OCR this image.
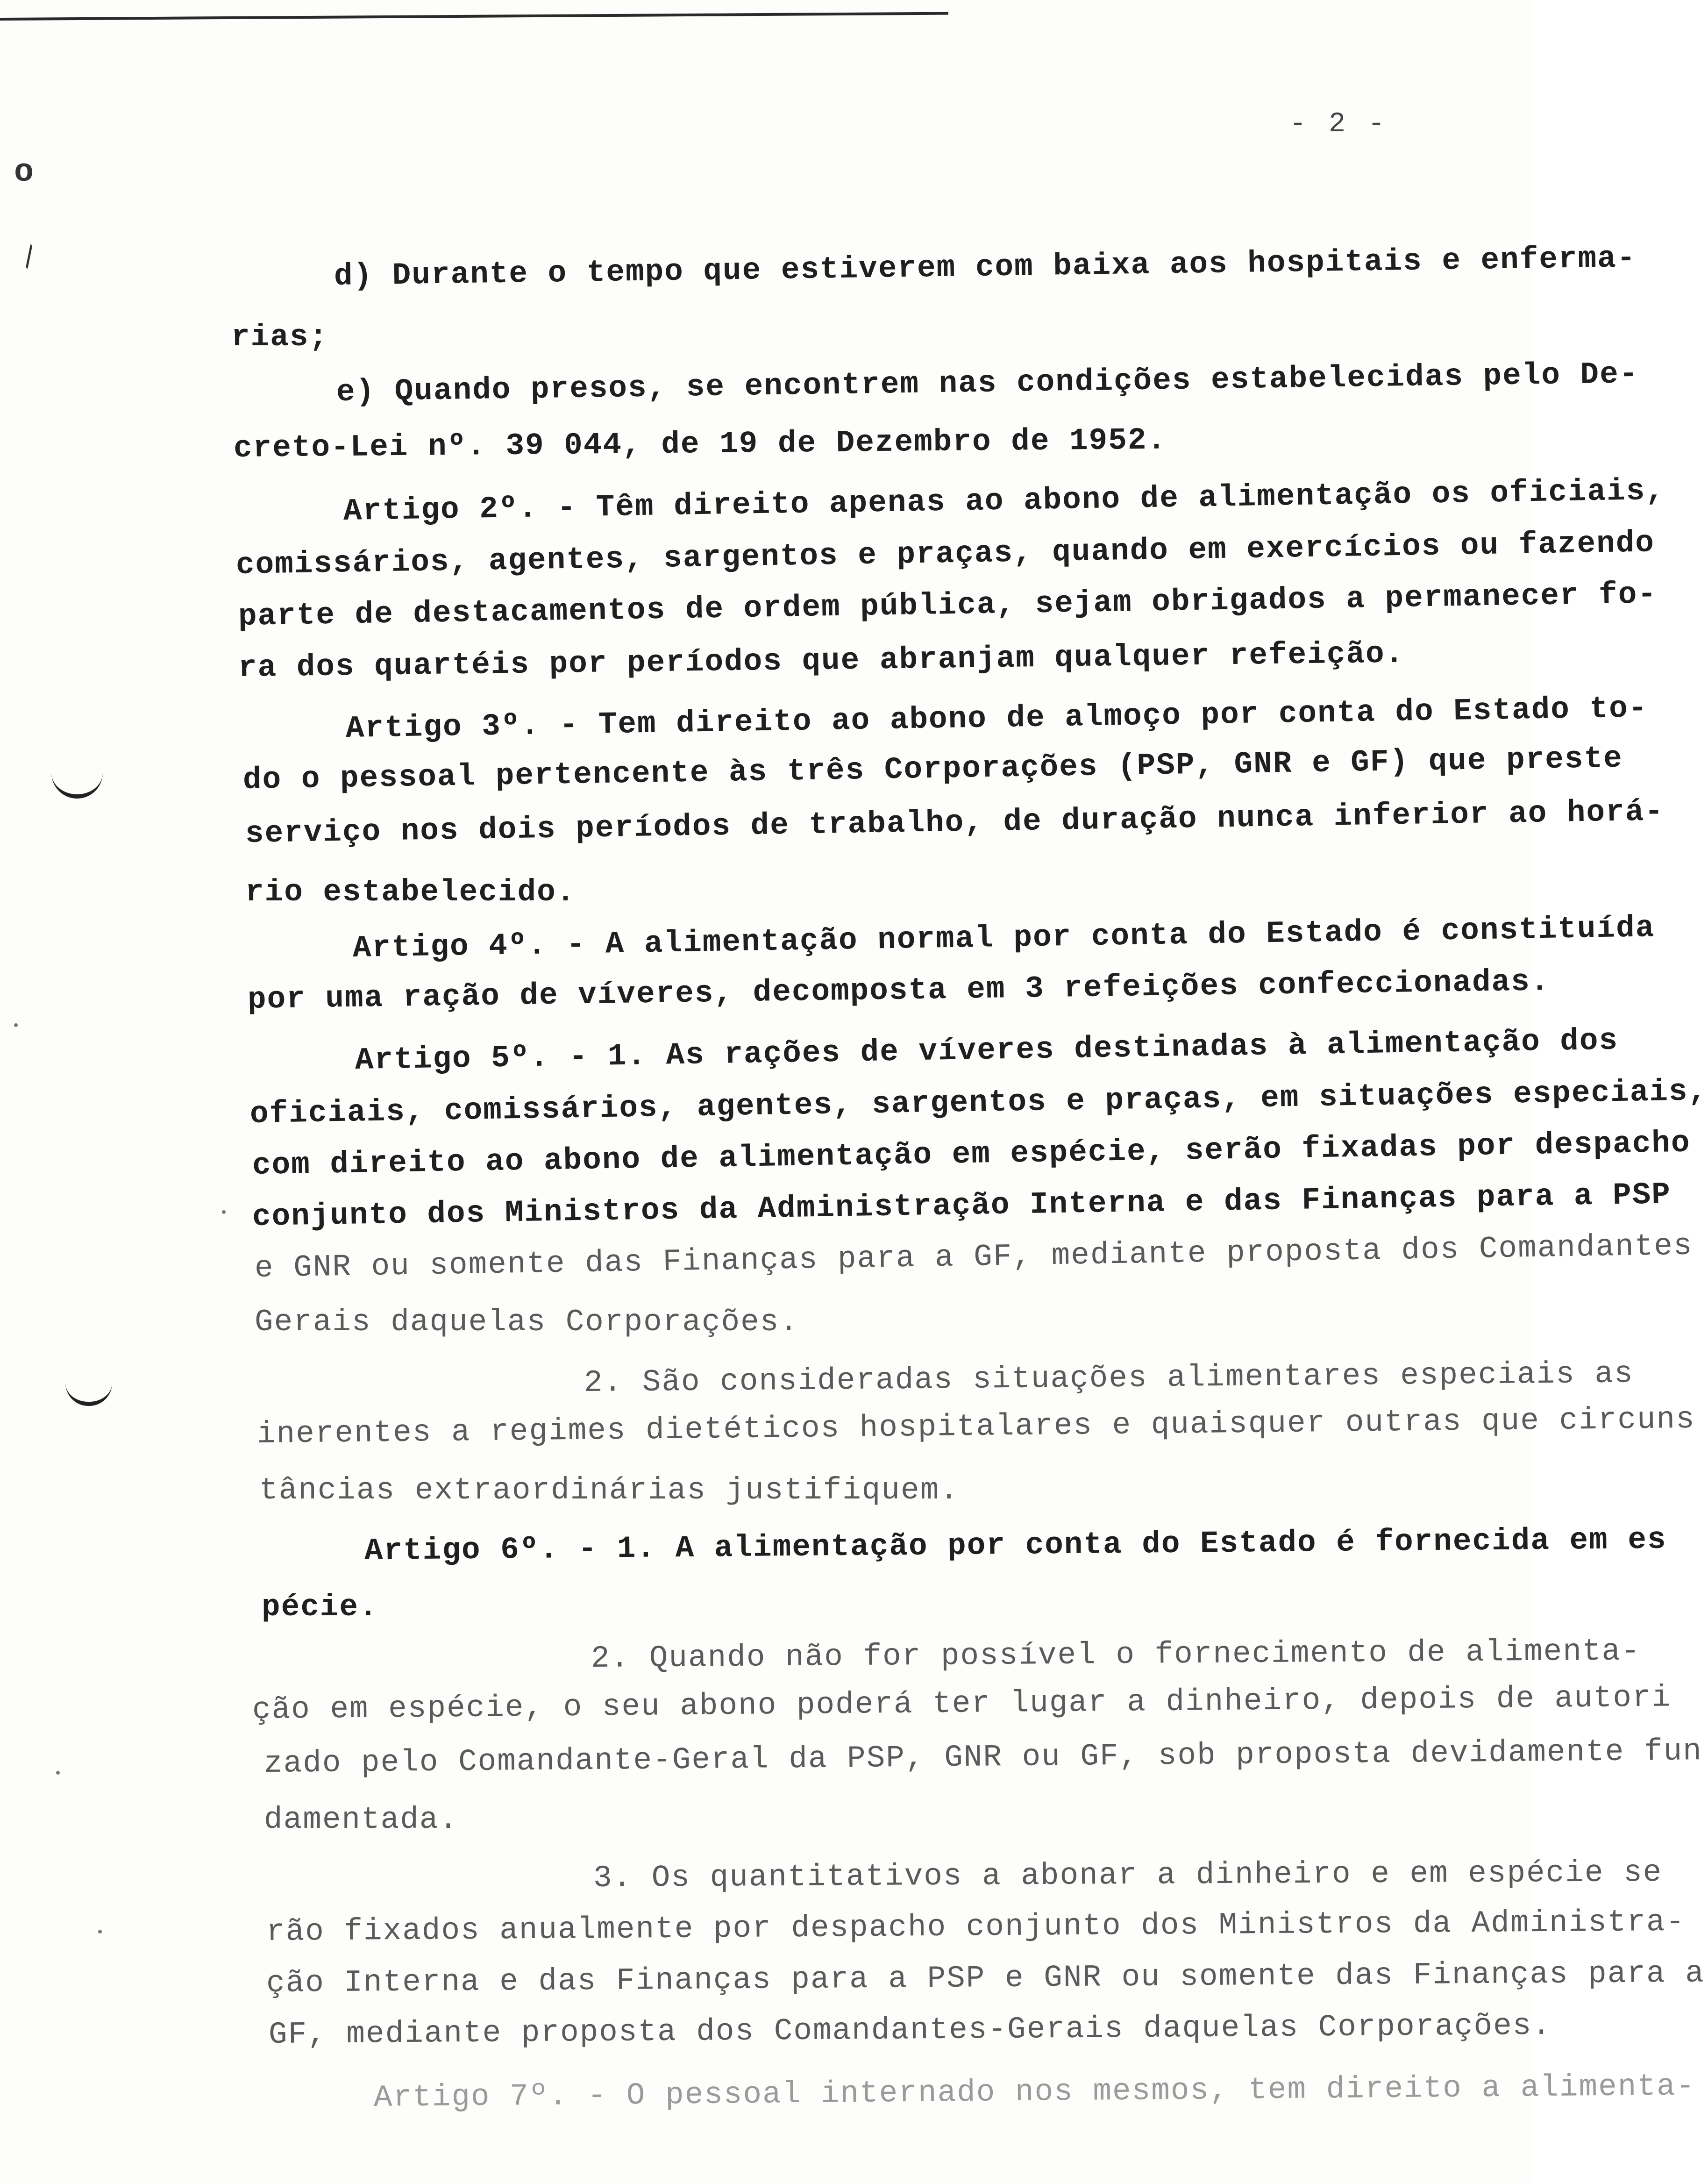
o
\
- 2 -
d) Durante o tempo que estiverem com baixa aos hospitais e enferma-
rias;
e) Quando presos, se encontrem nas condições estabelecidas pelo De-
creto-Lei nº. 39 044, de 19 de Dezembro de 1952.
Artigo 2º. - Têm direito apenas ao abono de alimentação os oficiais,
comissários, agentes, sargentos e praças, quando em exercícios ou fazendo
parte de destacamentos de ordem pública, sejam obrigados a permanecer fo-
ra dos quartéis por períodos que abranjam qualquer refeição.
Artigo 3º. - Tem direito ao abono de almoço por conta do Estado to-
do o pessoal pertencente às três Corporações (PSP, GNR e GF) que preste
serviço nos dois períodos de trabalho, de duração nunca inferior ao horá-
rio estabelecido.
Artigo 4º. - A alimentação normal por conta do Estado é constituída
por uma ração de víveres, decomposta em 3 refeições confeccionadas.
Artigo 5º. - 1. As rações de víveres destinadas à alimentação dos
oficiais, comissários, agentes, sargentos e praças, em situações especiais,
com direito ao abono de alimentação em espécie, serão fixadas por despacho
conjunto dos Ministros da Administração Interna e das Finanças para a PSP
e GNR ou somente das Finanças para a GF, mediante proposta dos Comandantes
Gerais daquelas Corporações.
2. São consideradas situações alimentares especiais as
inerentes a regimes dietéticos hospitalares e quaisquer outras que circuns
tâncias extraordinárias justifiquem.
Artigo 6º. - 1. A alimentação por conta do Estado é fornecida em es
pécie.
2. Quando não for possível o fornecimento de alimenta-
ção em espécie, o seu abono poderá ter lugar a dinheiro, depois de autori
zado pelo Comandante-Geral da PSP, GNR ou GF, sob proposta devidamente fun
damentada.
3. Os quantitativos a abonar a dinheiro e em espécie se
rão fixados anualmente por despacho conjunto dos Ministros da Administra-
ção Interna e das Finanças para a PSP e GNR ou somente das Finanças para a
GF, mediante proposta dos Comandantes-Gerais daquelas Corporações.
Artigo 7º. - O pessoal internado nos mesmos, tem direito a alimenta-
